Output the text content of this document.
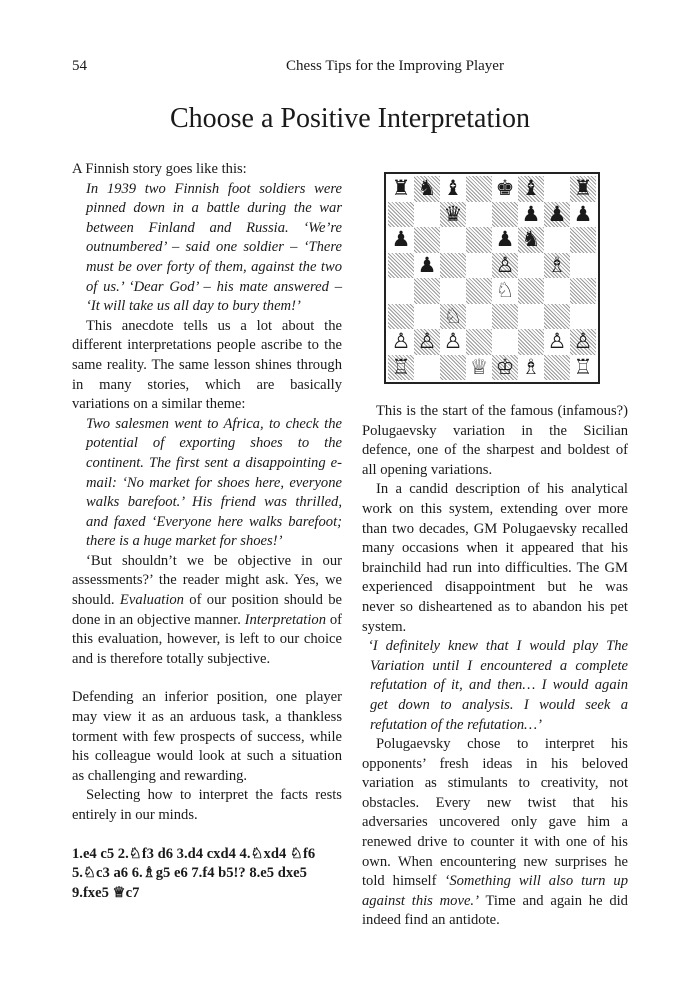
54	Chess Tips for the Improving Player
Choose a Positive Interpretation

A Finnish story goes like this:

In 1939 two Finnish foot soldiers were pinned down in a battle during the war between Finland and Russia. ‘We’re outnumbered’ – said one soldier – ‘There must be over forty of them, against the two of us.’ ‘Dear God’ – his mate answered – ‘It will take us all day to bury them!’

This anecdote tells us a lot about the different interpretations people ascribe to the same reality. The same lesson shines through in many stories, which are basically variations on a similar theme:

Two salesmen went to Africa, to check the potential of exporting shoes to the continent. The first sent a disappointing e-mail: ‘No market for shoes here, everyone walks barefoot.’ His friend was thrilled, and faxed ‘Everyone here walks barefoot; there is a huge market for shoes!’

‘But shouldn’t we be objective in our assessments?’ the reader might ask. Yes, we should. Evaluation of our position should be done in an objective manner. Interpretation of this evaluation, however, is left to our choice and is therefore totally subjective.

Defending an inferior position, one player may view it as an arduous task, a thankless torment with few prospects of success, while his colleague would look at such a situation as challenging and rewarding.

Selecting how to interpret the facts rests entirely in our minds.

1.e4 c5 2.♘f3 d6 3.d4 cxd4 4.♘xd4 ♘f6 5.♘c3 a6 6.♗g5 e6 7.f4 b5!? 8.e5 dxe5 9.fxe5 ♕c7

♜ ♞ ♝ ♚ ♝ ♜
♛	♟ ♟ ♟
♟	♟ ♞
♟	♙ ♗
♘
♘
♙ ♙ ♙	♙ ♙
♖	♕ ♔ ♗ ♖

This is the start of the famous (infamous?) Polugaevsky variation in the Sicilian defence, one of the sharpest and boldest of all opening variations.

In a candid description of his analytical work on this system, extending over more than two decades, GM Polugaevsky recalled many occasions when it appeared that his brainchild had run into difficulties. The GM experienced disappointment but he was never so disheartened as to abandon his pet system.

‘I definitely knew that I would play The Variation until I encountered a complete refutation of it, and then… I would again get down to analysis. I would seek a refutation of the refutation…’

Polugaevsky chose to interpret his opponents’ fresh ideas in his beloved variation as stimulants to creativity, not obstacles. Every new twist that his adversaries uncovered only gave him a renewed drive to counter it with one of his own. When encountering new surprises he told himself ‘Something will also turn up against this move.’ Time and again he did indeed find an antidote.
